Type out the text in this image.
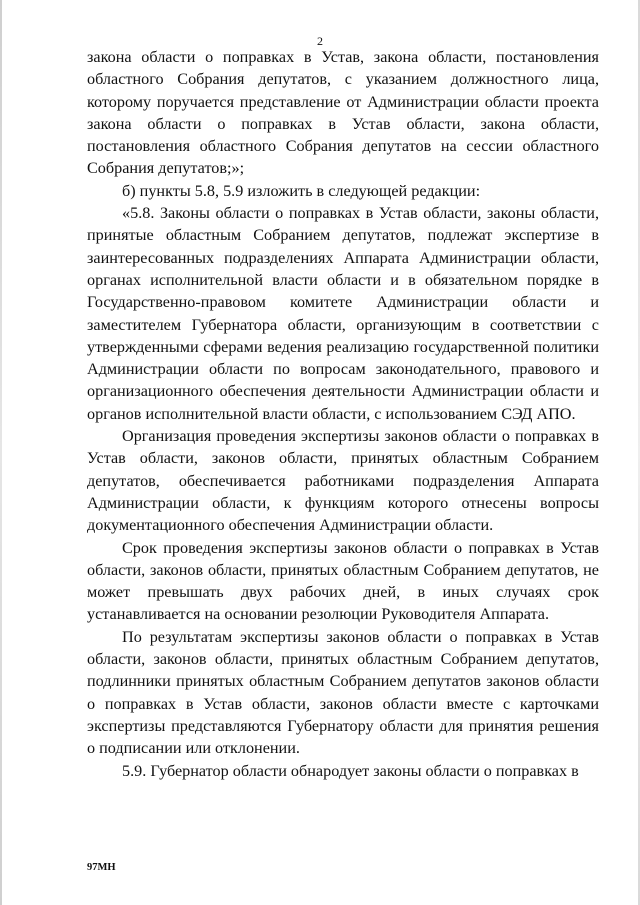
2

закона области о поправках в Устав, закона области, постановления областного Собрания депутатов, с указанием должностного лица, которому поручается представление от Администрации области проекта закона области о поправках в Устав области, закона области, постановления областного Собрания депутатов на сессии областного Собрания депутатов;»;

б) пункты 5.8, 5.9 изложить в следующей редакции:

«5.8. Законы области о поправках в Устав области, законы области, принятые областным Собранием депутатов, подлежат экспертизе в заинтересованных подразделениях Аппарата Администрации области, органах исполнительной власти области и в обязательном порядке в Государственно-правовом комитете Администрации области и заместителем Губернатора области, организующим в соответствии с утвержденными сферами ведения реализацию государственной политики Администрации области по вопросам законодательного, правового и организационного обеспечения деятельности Администрации области и органов исполнительной власти области, с использованием СЭД АПО.

Организация проведения экспертизы законов области о поправках в Устав области, законов области, принятых областным Собранием депутатов, обеспечивается работниками подразделения Аппарата Администрации области, к функциям которого отнесены вопросы документационного обеспечения Администрации области.

Срок проведения экспертизы законов области о поправках в Устав области, законов области, принятых областным Собранием депутатов, не может превышать двух рабочих дней, в иных случаях срок устанавливается на основании резолюции Руководителя Аппарата.

По результатам экспертизы законов области о поправках в Устав области, законов области, принятых областным Собранием депутатов, подлинники принятых областным Собранием депутатов законов области о поправках в Устав области, законов области вместе с карточками экспертизы представляются Губернатору области для принятия решения о подписании или отклонении.

5.9. Губернатор области обнародует законы области о поправках в

97МН
